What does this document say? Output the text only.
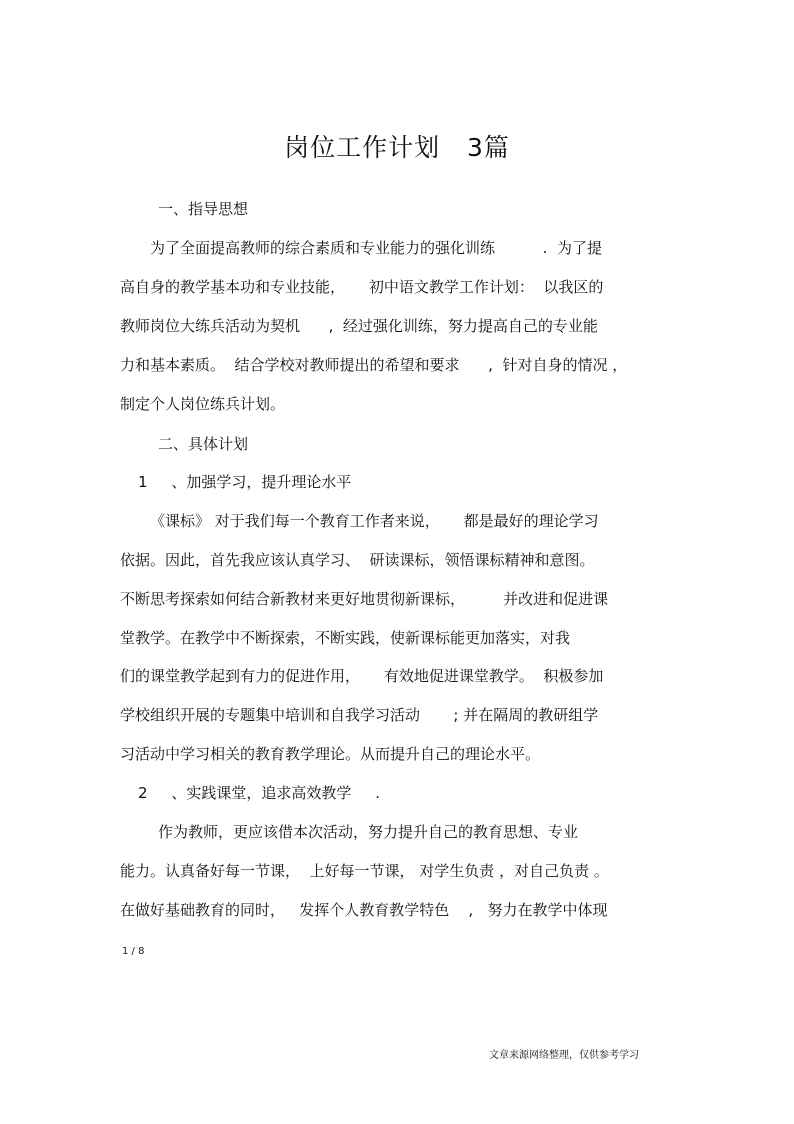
岗位工作计划   3篇
一、指导思想
为了全面提高教师的综合素质和专业能力的强化训练          .  为了提
高自身的教学基本功和专业技能，     初中语文教学工作计划：  以我区的
教师岗位大练兵活动为契机      ,  经过强化训练，努力提高自己的专业能
力和基本素质。  结合学校对教师提出的希望和要求      ,  针对自身的情况 ，
制定个人岗位练兵计划。
二、具体计划
1     、加强学习，提升理论水平
《课标》 对于我们每一个教育工作者来说，     都是最好的理论学习
依据。因此，首先我应该认真学习、  研读课标，领悟课标精神和意图。
不断思考探索如何结合新教材来更好地贯彻新课标，        并改进和促进课
堂教学。在教学中不断探索，不断实践，使新课标能更加落实，对我
们的课堂教学起到有力的促进作用，     有效地促进课堂教学。  积极参加
学校组织开展的专题集中培训和自我学习活动       ; 并在隔周的教研组学
习活动中学习相关的教育教学理论。从而提升自己的理论水平。
2     、实践课堂，追求高效教学     .
作为教师，更应该借本次活动，努力提升自己的教育思想、专业
能力。认真备好每一节课，  上好每一节课， 对学生负责 ，对自己负责 。
在做好基础教育的同时，   发挥个人教育教学特色    ,   努力在教学中体现
1 / 8
文章来源网络整理，仅供参考学习
